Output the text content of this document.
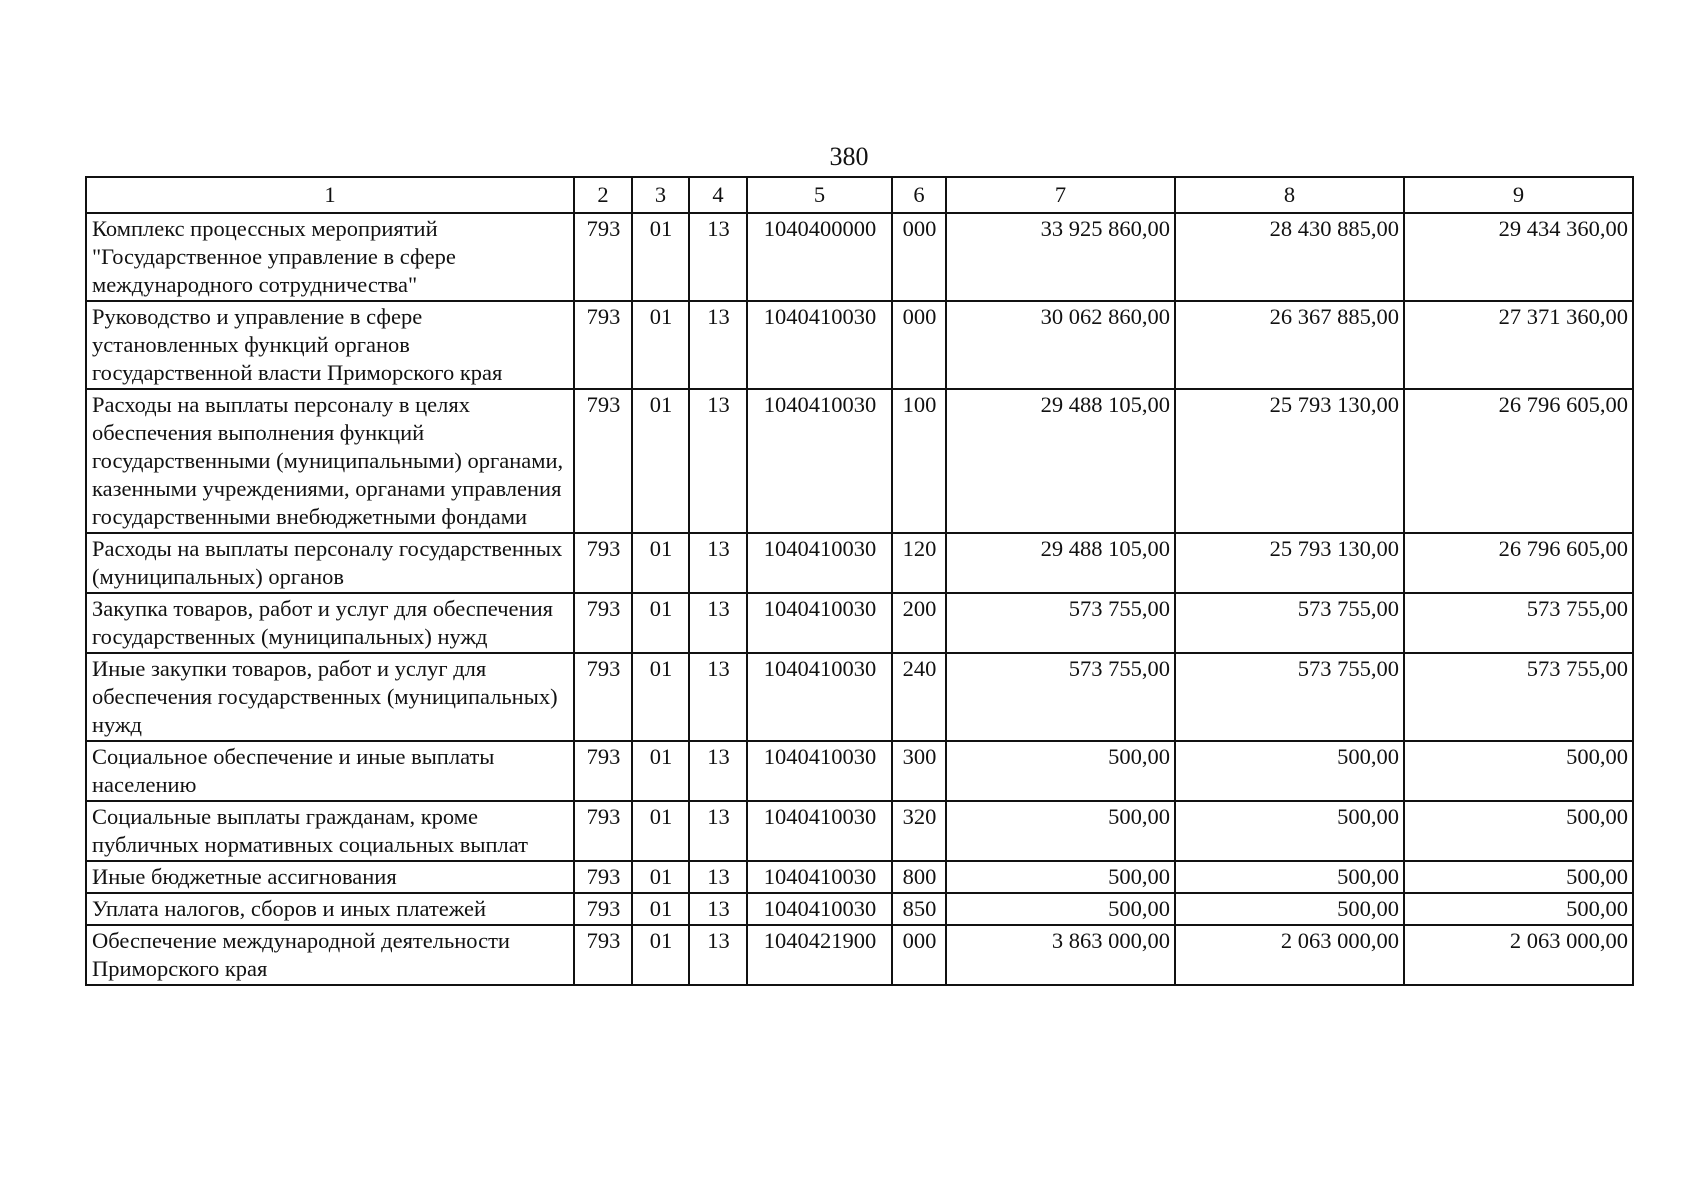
380
1	2	3	4	5	6	7	8	9
Комплекс процессных мероприятий "Государственное управление в сфере международного сотрудничества"	793	01	13	1040400000	000	33 925 860,00	28 430 885,00	29 434 360,00
Руководство и управление в сфере установленных функций органов государственной власти Приморского края	793	01	13	1040410030	000	30 062 860,00	26 367 885,00	27 371 360,00
Расходы на выплаты персоналу в целях обеспечения выполнения функций государственными (муниципальными) органами, казенными учреждениями, органами управления государственными внебюджетными фондами	793	01	13	1040410030	100	29 488 105,00	25 793 130,00	26 796 605,00
Расходы на выплаты персоналу государственных (муниципальных) органов	793	01	13	1040410030	120	29 488 105,00	25 793 130,00	26 796 605,00
Закупка товаров, работ и услуг для обеспечения государственных (муниципальных) нужд	793	01	13	1040410030	200	573 755,00	573 755,00	573 755,00
Иные закупки товаров, работ и услуг для обеспечения государственных (муниципальных) нужд	793	01	13	1040410030	240	573 755,00	573 755,00	573 755,00
Социальное обеспечение и иные выплаты населению	793	01	13	1040410030	300	500,00	500,00	500,00
Социальные выплаты гражданам, кроме публичных нормативных социальных выплат	793	01	13	1040410030	320	500,00	500,00	500,00
Иные бюджетные ассигнования	793	01	13	1040410030	800	500,00	500,00	500,00
Уплата налогов, сборов и иных платежей	793	01	13	1040410030	850	500,00	500,00	500,00
Обеспечение международной деятельности Приморского края	793	01	13	1040421900	000	3 863 000,00	2 063 000,00	2 063 000,00
